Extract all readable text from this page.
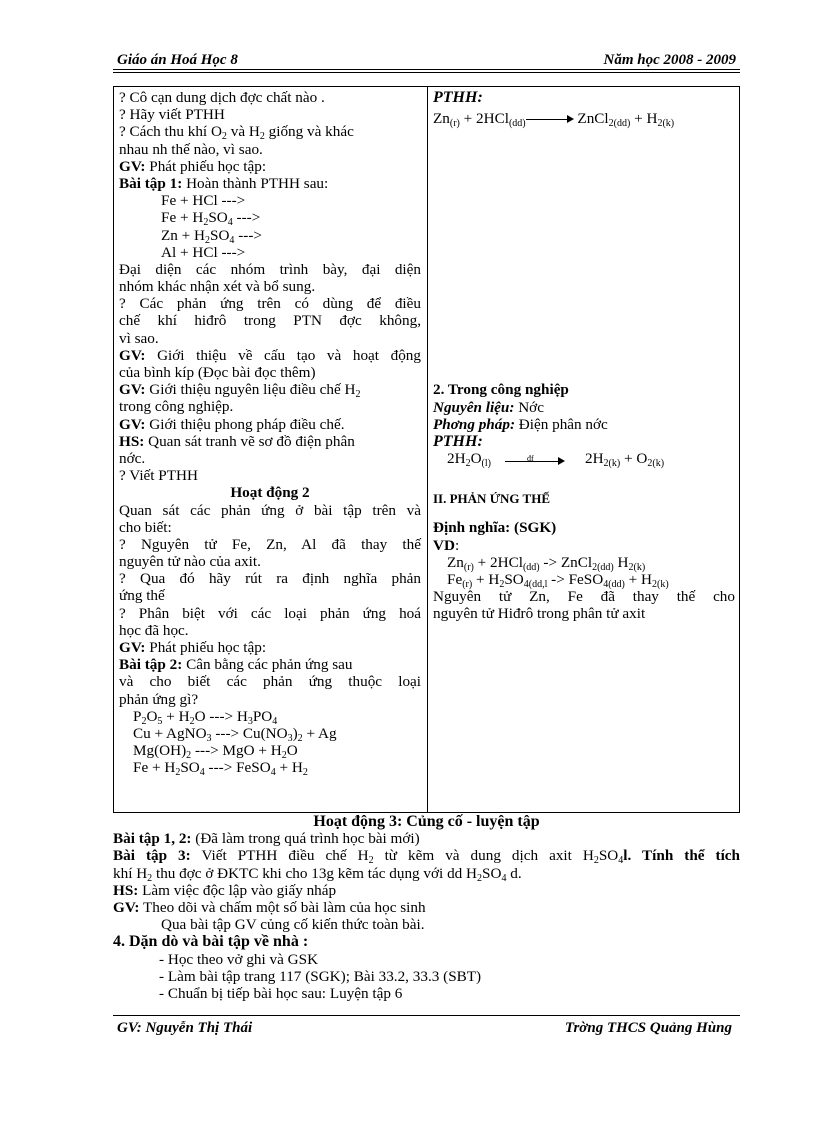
Giáo án Hoá Học 8	Năm học 2008 - 2009
? Cô cạn dung dịch đợc chất nào .
? Hãy viết PTHH
? Cách thu khí $O_2$ và $H_2$ giống và khác
nhau nh thế nào, vì sao.
GV: Phát phiếu học tập:
Bài tập 1: Hoàn thành PTHH sau:
Fe + HCl --->
$Fe + H_2SO_4$ --->
$Zn + H_2SO_4$ --->
Al + HCl --->
Đại diện các nhóm trình bày, đại diện
nhóm khác nhận xét và bổ sung.
? Các phản ứng trên có dùng để điều
chế khí hiđrô trong PTN đợc không,
vì sao.
GV: Giới thiệu về cấu tạo và hoạt động
của bình kíp (Đọc bài đọc thêm)
GV: Giới thiệu nguyên liệu điều chế $H_2$
trong công nghiệp.
GV: Giới thiệu phong pháp điều chế.
HS: Quan sát tranh vẽ sơ đồ điện phân
nớc.
? Viết PTHH
Hoạt động 2
Quan sát các phản ứng ở bài tập trên và
cho biết:
? Nguyên tử Fe, Zn, Al đã thay thế
nguyên tử nào của axit.
? Qua đó hãy rút ra định nghĩa phản
ứng thế
? Phân biệt với các loại phản ứng hoá
học đã học.
GV: Phát phiếu học tập:
Bài tập 2: Cân bằng các phản ứng sau
và cho biết các phản ứng thuộc loại
phản ứng gì?
$P_2O_5 + H_2O$ ---> $H_3PO_4$
Cu + AgNO$_3$ ---> $Cu(NO_3)_2 + Ag$
$Mg(OH)_2$ ---> MgO + $H_2O$
$Fe + H_2SO_4$ ---> FeSO$_4$ + $H_2$
PTHH:
$Zn_{(r)} + 2HCl_{(dd)}$	ZnCl$_{2(dd)}$ + $H_{2(k)}$
2. Trong công nghiệp
Nguyên liệu: Nớc
Phơng pháp: Điện phân nớc
PTHH:
$2H_2O_{(l)}$	đf	$2H_{2(k)} + O_{2(k)}$
II. PHẢN ỨNG THẾ
Định nghĩa: (SGK)
VD:
$Zn_{(r)} + 2HCl_{(dd)}$ -> ZnCl$_{2(dd)}$ $H_{2(k)}$
$Fe_{(r)} + H_2SO_{4(dd,l}$ -> FeSO$_{4(dd)}$ + $H_{2(k)}$
Nguyên tử Zn, Fe đã thay thế cho
nguyên tử Hiđrô trong phân tử axit
Hoạt động 3: Củng cố - luyện tập
Bài tập 1, 2: (Đã làm trong quá trình học bài mới)
Bài tập 3: Viết PTHH điều chế $H_2$ từ kẽm và dung dịch axit $H_2SO_4l$. Tính thể tích
khí $H_2$ thu đợc ở ĐKTC khi cho 13g kẽm tác dụng với dd $H_2SO_4$ d.
HS: Làm việc độc lập vào giấy nháp
GV: Theo dõi và chấm một số bài làm của học sinh
Qua bài tập GV củng cố kiến thức toàn bài.
4. Dặn dò và bài tập về nhà :
- Học theo vở ghi và GSK
- Làm bài tập trang 117 (SGK); Bài 33.2, 33.3 (SBT)
- Chuẩn bị tiếp bài học sau: Luyện tập 6
GV: Nguyễn Thị Thái	Trờng THCS Quảng Hùng
